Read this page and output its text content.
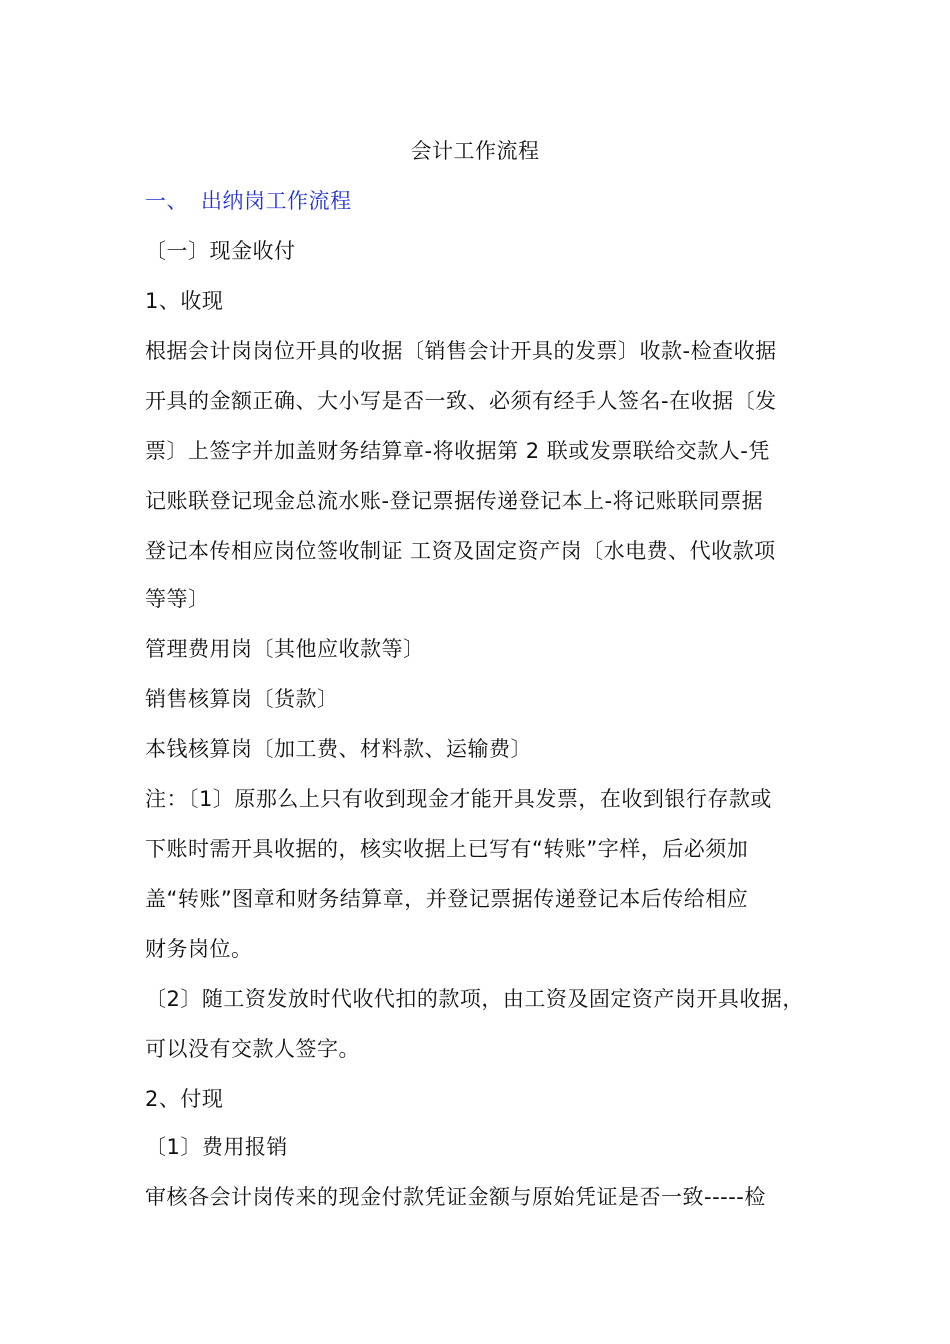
会计工作流程
一、 出纳岗工作流程
〔一〕现金收付
1、收现
根据会计岗岗位开具的收据〔销售会计开具的发票〕收款-检查收据
开具的金额正确、大小写是否一致、必须有经手人签名-在收据〔发
票〕上签字并加盖财务结算章-将收据第 2 联或发票联给交款人-凭
记账联登记现金总流水账-登记票据传递登记本上-将记账联同票据
登记本传相应岗位签收制证 工资及固定资产岗〔水电费、代收款项
等等〕
管理费用岗〔其他应收款等〕
销售核算岗〔货款〕
本钱核算岗〔加工费、材料款、运输费〕
注：〔1〕原那么上只有收到现金才能开具发票，在收到银行存款或
下账时需开具收据的，核实收据上已写有“转账”字样，后必须加
盖“转账”图章和财务结算章，并登记票据传递登记本后传给相应
财务岗位。
〔2〕随工资发放时代收代扣的款项，由工资及固定资产岗开具收据，
可以没有交款人签字。
2、付现
〔1〕费用报销
审核各会计岗传来的现金付款凭证金额与原始凭证是否一致-----检
